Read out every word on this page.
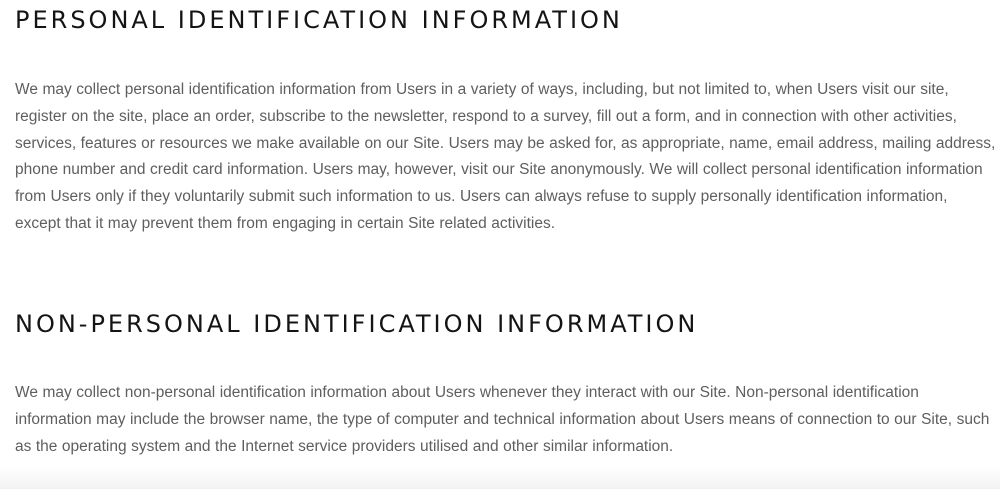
PERSONAL IDENTIFICATION INFORMATION

We may collect personal identification information from Users in a variety of ways, including, but not limited to, when Users visit our site, register on the site, place an order, subscribe to the newsletter, respond to a survey, fill out a form, and in connection with other activities, services, features or resources we make available on our Site. Users may be asked for, as appropriate, name, email address, mailing address, phone number and credit card information. Users may, however, visit our Site anonymously. We will collect personal identification information from Users only if they voluntarily submit such information to us. Users can always refuse to supply personally identification information, except that it may prevent them from engaging in certain Site related activities.

NON-PERSONAL IDENTIFICATION INFORMATION

We may collect non-personal identification information about Users whenever they interact with our Site. Non-personal identification information may include the browser name, the type of computer and technical information about Users means of connection to our Site, such as the operating system and the Internet service providers utilised and other similar information.
